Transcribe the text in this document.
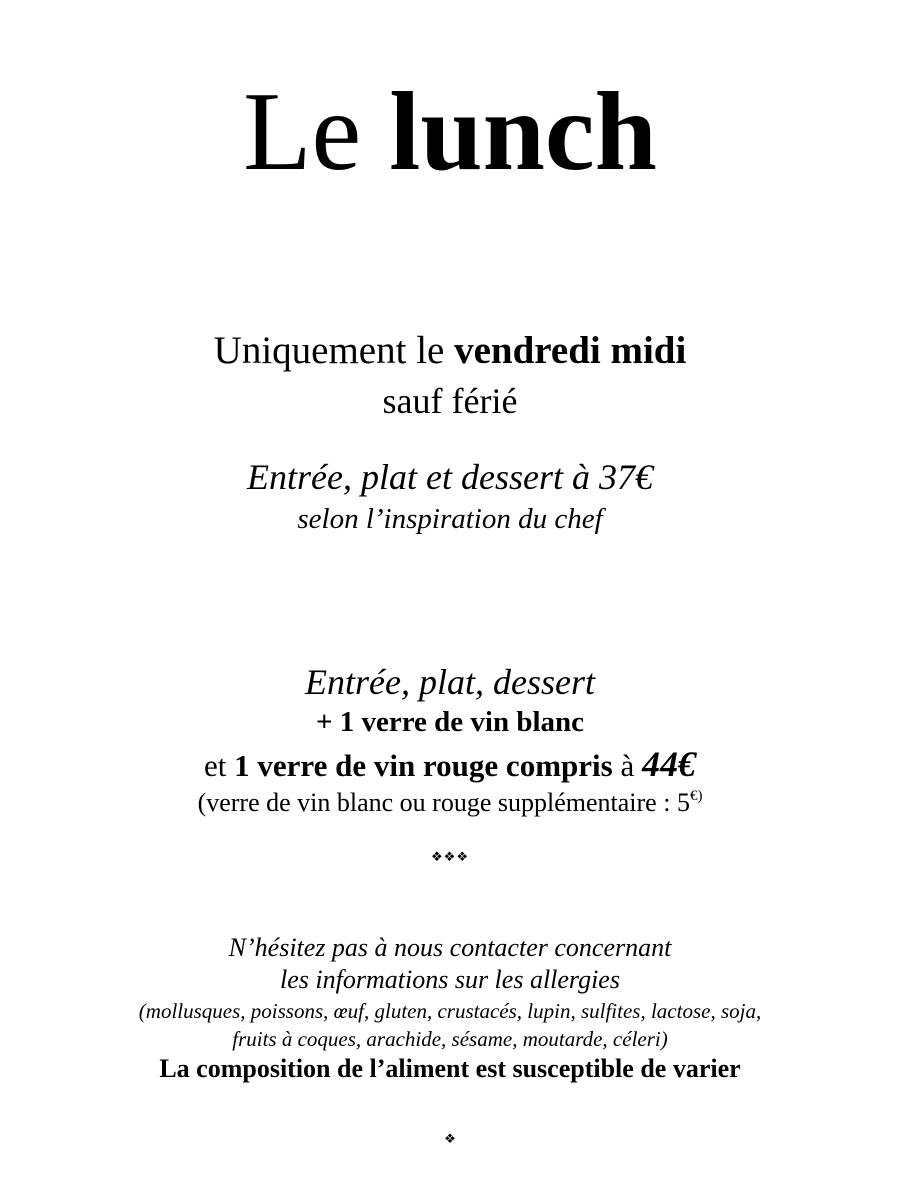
Le lunch
Uniquement le vendredi midi
sauf férié
Entrée, plat et dessert à 37€
selon l’inspiration du chef
Entrée, plat, dessert
+ 1 verre de vin blanc
et 1 verre de vin rouge compris à 44€
(verre de vin blanc ou rouge supplémentaire : 5€)
❖❖❖
N’hésitez pas à nous contacter concernant
les informations sur les allergies
(mollusques, poissons, œuf, gluten, crustacés, lupin, sulfites, lactose, soja,
fruits à coques, arachide, sésame, moutarde, céleri)
La composition de l’aliment est susceptible de varier
❖
